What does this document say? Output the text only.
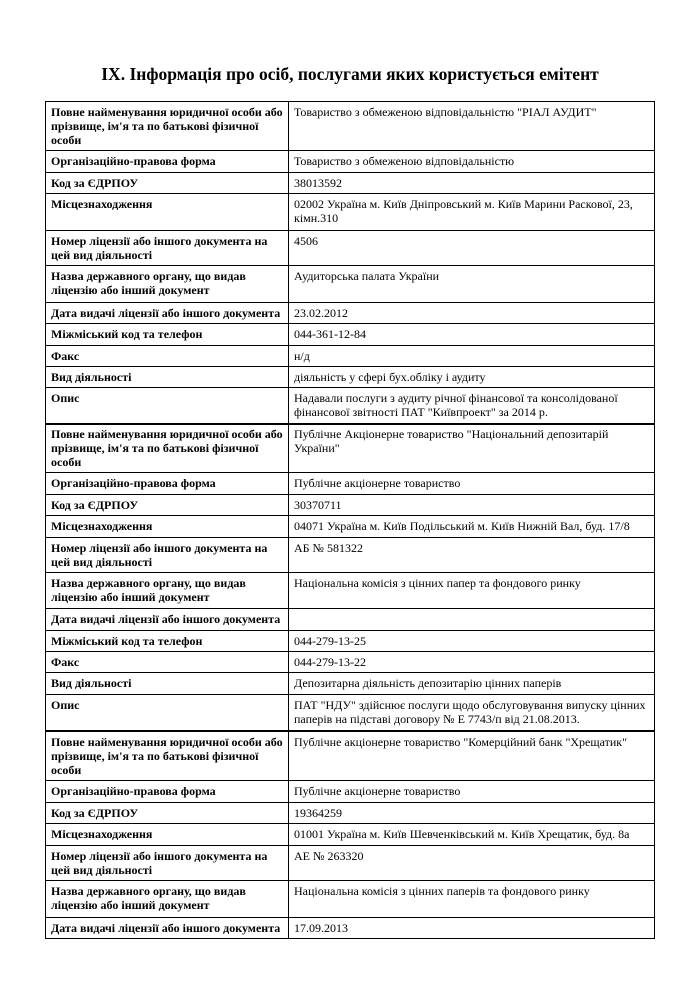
IX. Інформація про осіб, послугами яких користується емітент
Повне найменування юридичної особи або прізвище, ім'я та по батькові фізичної особи	Товариство з обмеженою відповідальністю "РІАЛ АУДИТ"
Організаційно-правова форма	Товариство з обмеженою відповідальністю
Код за ЄДРПОУ	38013592
Місцезнаходження	02002 Україна м. Київ Дніпровський м. Київ Марини Раскової, 23, кімн.310
Номер ліцензії або іншого документа на цей вид діяльності	4506
Назва державного органу, що видав ліцензію або інший документ	Аудиторська палата України
Дата видачі ліцензії або іншого документа	23.02.2012
Міжміський код та телефон	044-361-12-84
Факс	н/д
Вид діяльності	діяльність у сфері бух.обліку і аудиту
Опис	Надавали послуги з аудиту річної фінансової та консолідованої фінансової звітності ПАТ "Київпроект" за 2014 р.
Повне найменування юридичної особи або прізвище, ім'я та по батькові фізичної особи	Публічне Акціонерне товариство "Національний депозитарій України"
Організаційно-правова форма	Публічне акціонерне товариство
Код за ЄДРПОУ	30370711
Місцезнаходження	04071 Україна м. Київ Подільський м. Київ Нижній Вал, буд. 17/8
Номер ліцензії або іншого документа на цей вид діяльності	АБ № 581322
Назва державного органу, що видав ліцензію або інший документ	Національна комісія з цінних папер та фондового ринку
Дата видачі ліцензії або іншого документа	
Міжміський код та телефон	044-279-13-25
Факс	044-279-13-22
Вид діяльності	Депозитарна діяльність депозитарію цінних паперів
Опис	ПАТ "НДУ" здійснює послуги щодо обслуговування випуску цінних паперів на підставі договору № Е 7743/п від 21.08.2013.
Повне найменування юридичної особи або прізвище, ім'я та по батькові фізичної особи	Публічне акціонерне товариство "Комерційний банк "Хрещатик"
Організаційно-правова форма	Публічне акціонерне товариство
Код за ЄДРПОУ	19364259
Місцезнаходження	01001 Україна м. Київ Шевченківський м. Київ Хрещатик, буд. 8а
Номер ліцензії або іншого документа на цей вид діяльності	АЕ № 263320
Назва державного органу, що видав ліцензію або інший документ	Національна комісія з цінних паперів та фондового ринку
Дата видачі ліцензії або іншого документа	17.09.2013
